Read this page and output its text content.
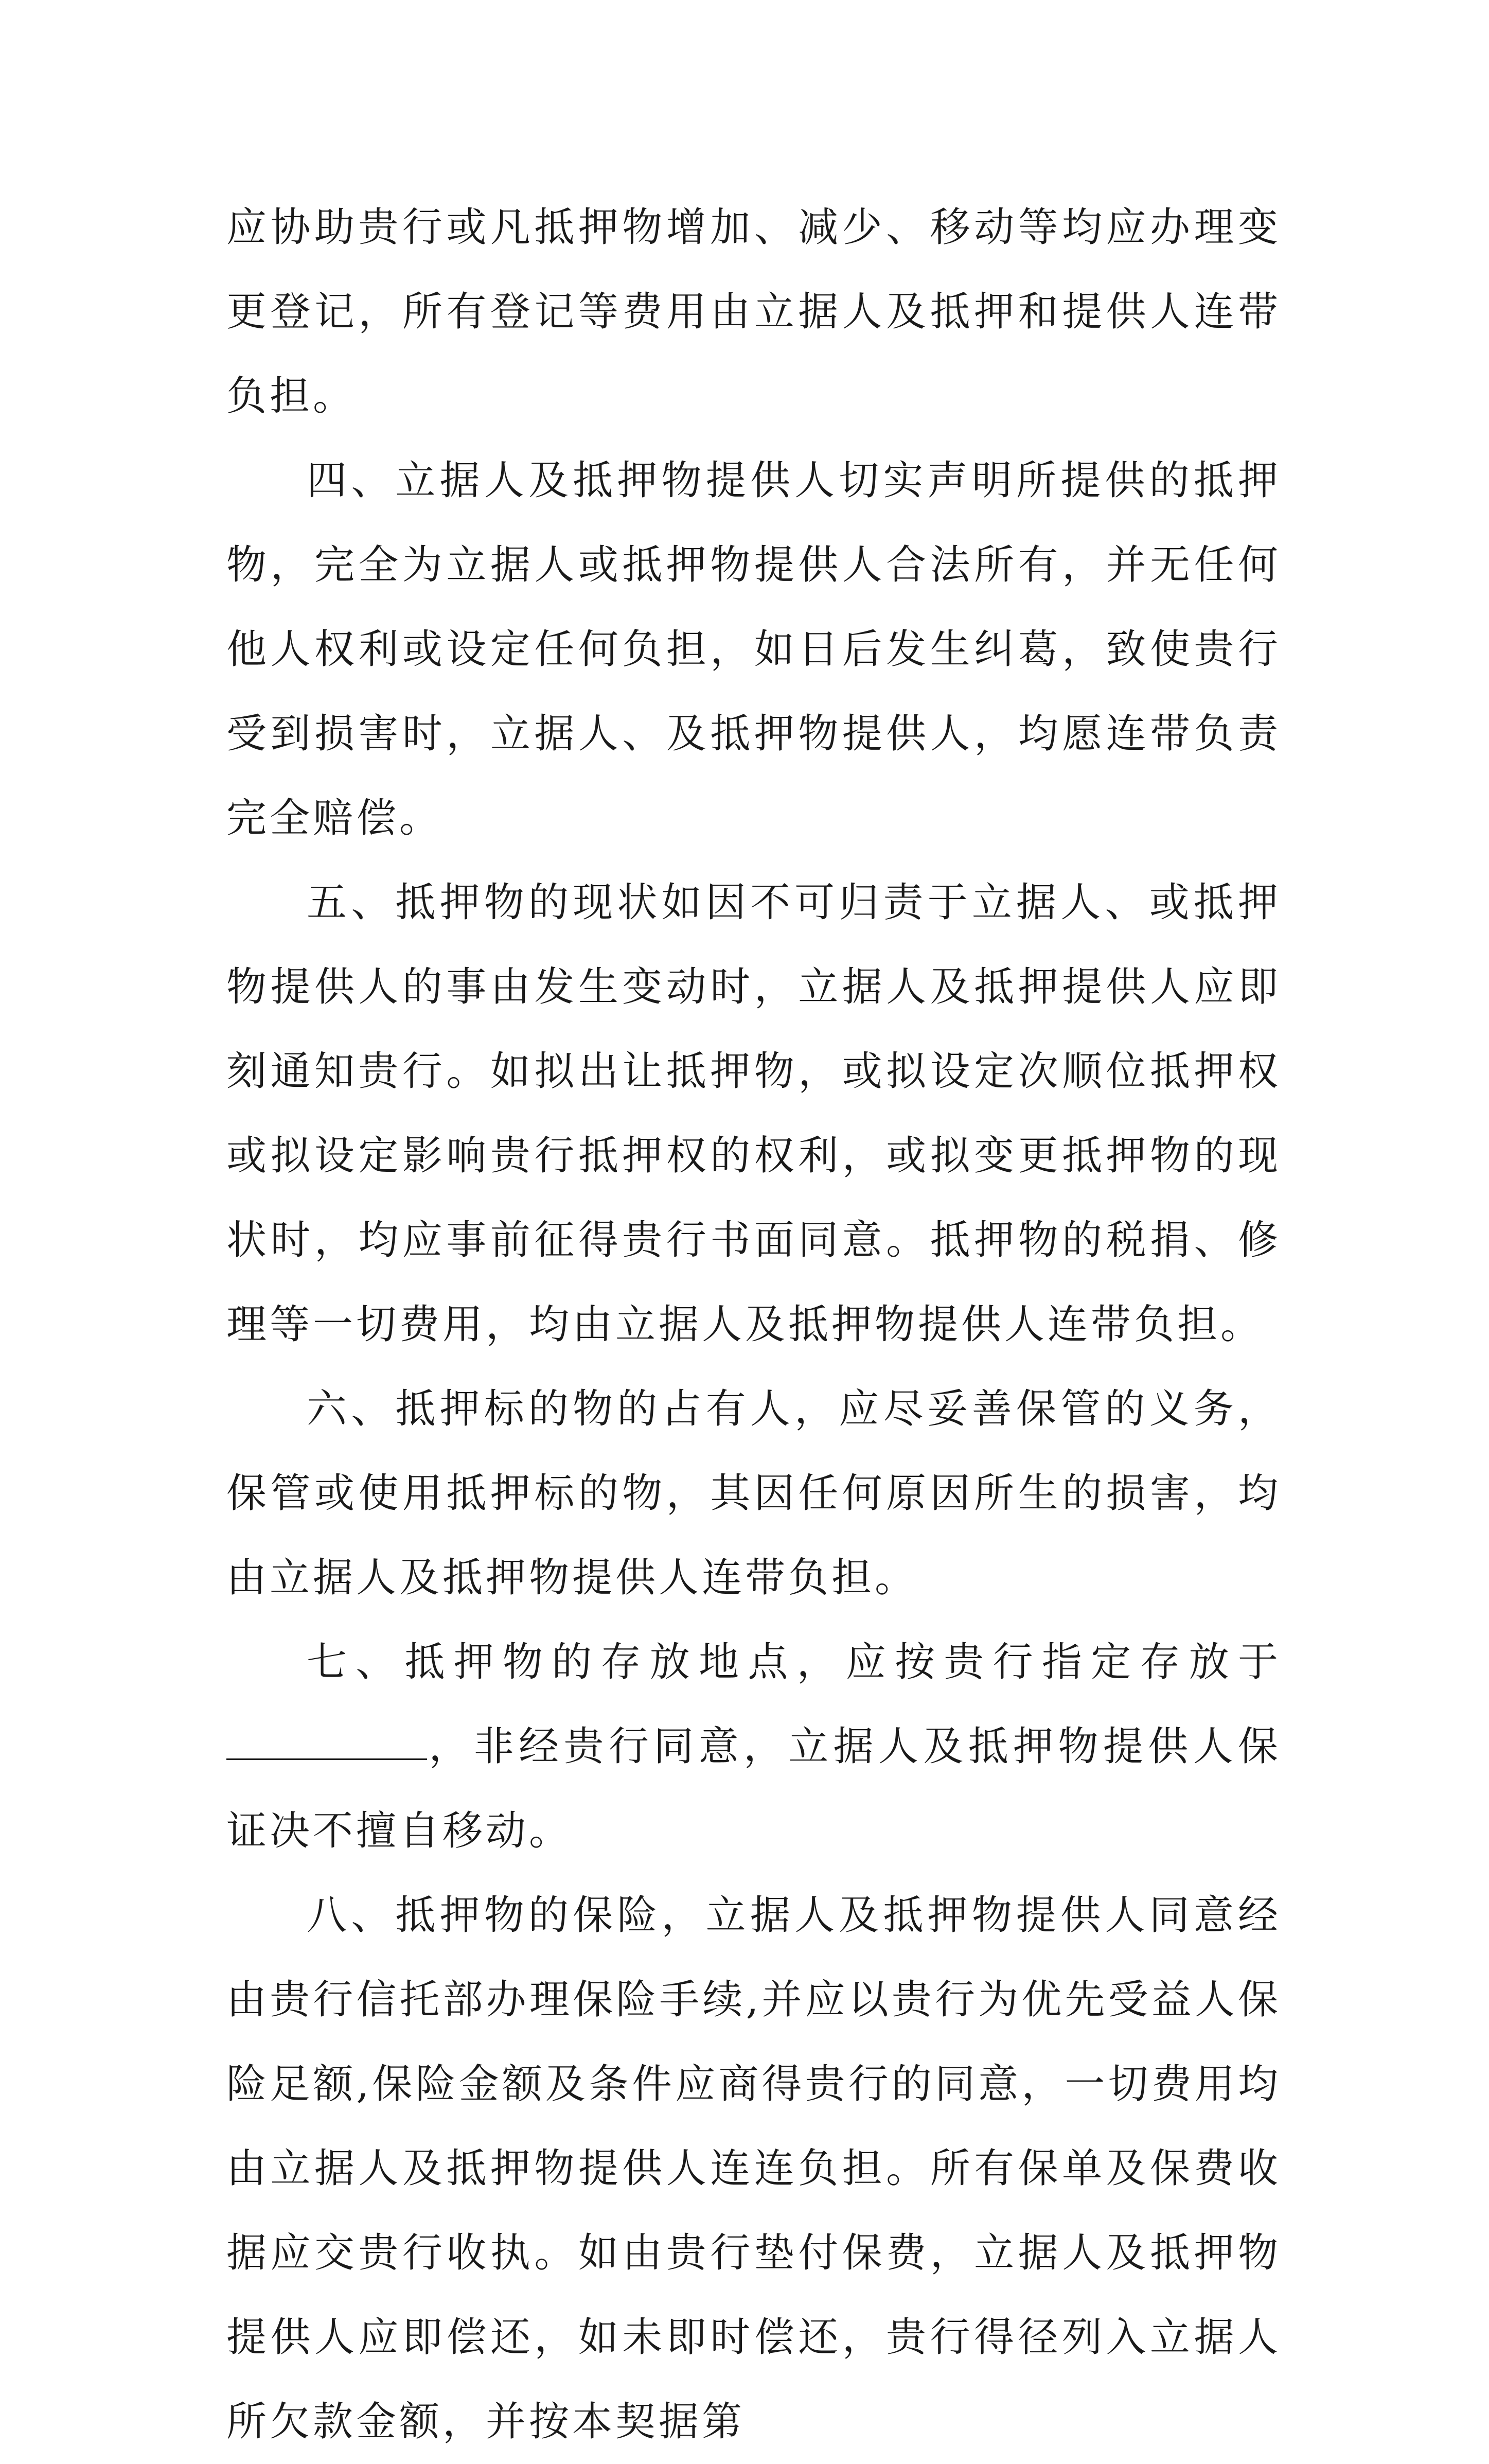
应协助贵行或凡抵押物增加、减少、移动等均应办理变更登记，所有登记等费用由立据人及抵押和提供人连带负担。

四、立据人及抵押物提供人切实声明所提供的抵押物，完全为立据人或抵押物提供人合法所有，并无任何他人权利或设定任何负担，如日后发生纠葛，致使贵行受到损害时，立据人、及抵押物提供人，均愿连带负责完全赔偿。

五、抵押物的现状如因不可归责于立据人、或抵押物提供人的事由发生变动时，立据人及抵押提供人应即刻通知贵行。如拟出让抵押物，或拟设定次顺位抵押权或拟设定影响贵行抵押权的权利，或拟变更抵押物的现状时，均应事前征得贵行书面同意。抵押物的税捐、修理等一切费用，均由立据人及抵押物提供人连带负担。

六、抵押标的物的占有人，应尽妥善保管的义务，保管或使用抵押标的物，其因任何原因所生的损害，均由立据人及抵押物提供人连带负担。

七、抵押物的存放地点，应按贵行指定存放于，非经贵行同意，立据人及抵押物提供人保证决不擅自移动。

八、抵押物的保险，立据人及抵押物提供人同意经由贵行信托部办理保险手续,并应以贵行为优先受益人保险足额,保险金额及条件应商得贵行的同意，一切费用均由立据人及抵押物提供人连连负担。所有保单及保费收据应交贵行收执。如由贵行垫付保费，立据人及抵押物提供人应即偿还，如未即时偿还，贵行得径列入立据人所欠款金额，并按本契据第
